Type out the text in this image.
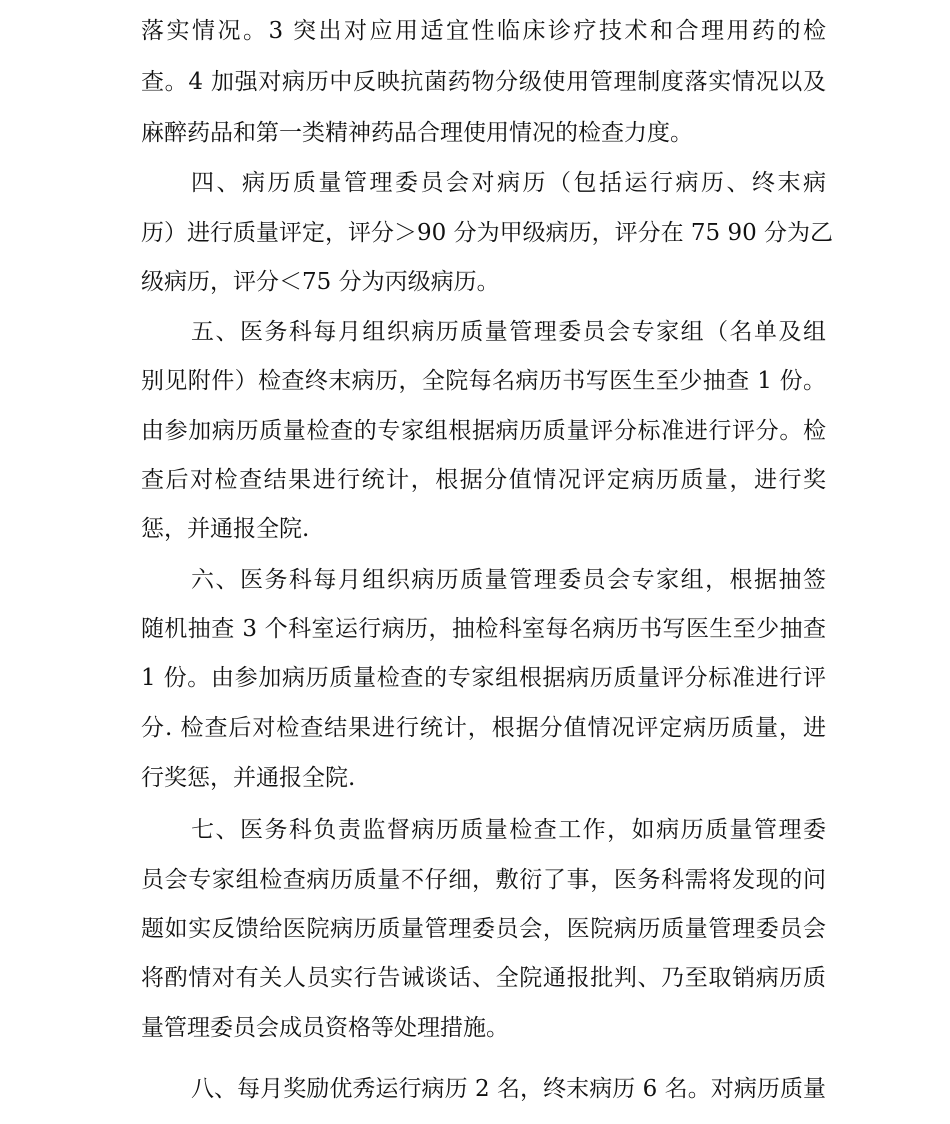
落实情况。3 突出对应用适宜性临床诊疗技术和合理用药的检
查。4 加强对病历中反映抗菌药物分级使用管理制度落实情况以及
麻醉药品和第一类精神药品合理使用情况的检查力度。
四、病历质量管理委员会对病历（包括运行病历、终末病
历）进行质量评定，评分＞90 分为甲级病历，评分在 75 90 分为乙
级病历，评分＜75 分为丙级病历。
五、医务科每月组织病历质量管理委员会专家组（名单及组
别见附件）检查终末病历，全院每名病历书写医生至少抽查 1 份。
由参加病历质量检查的专家组根据病历质量评分标准进行评分。检
查后对检查结果进行统计，根据分值情况评定病历质量，进行奖
惩，并通报全院.
六、医务科每月组织病历质量管理委员会专家组，根据抽签
随机抽查 3 个科室运行病历，抽检科室每名病历书写医生至少抽查
1 份。由参加病历质量检查的专家组根据病历质量评分标准进行评
分. 检查后对检查结果进行统计，根据分值情况评定病历质量，进
行奖惩，并通报全院.
七、医务科负责监督病历质量检查工作，如病历质量管理委
员会专家组检查病历质量不仔细，敷衍了事，医务科需将发现的问
题如实反馈给医院病历质量管理委员会，医院病历质量管理委员会
将酌情对有关人员实行告诫谈话、全院通报批判、乃至取销病历质
量管理委员会成员资格等处理措施。
八、每月奖励优秀运行病历 2 名，终末病历 6 名。对病历质量
